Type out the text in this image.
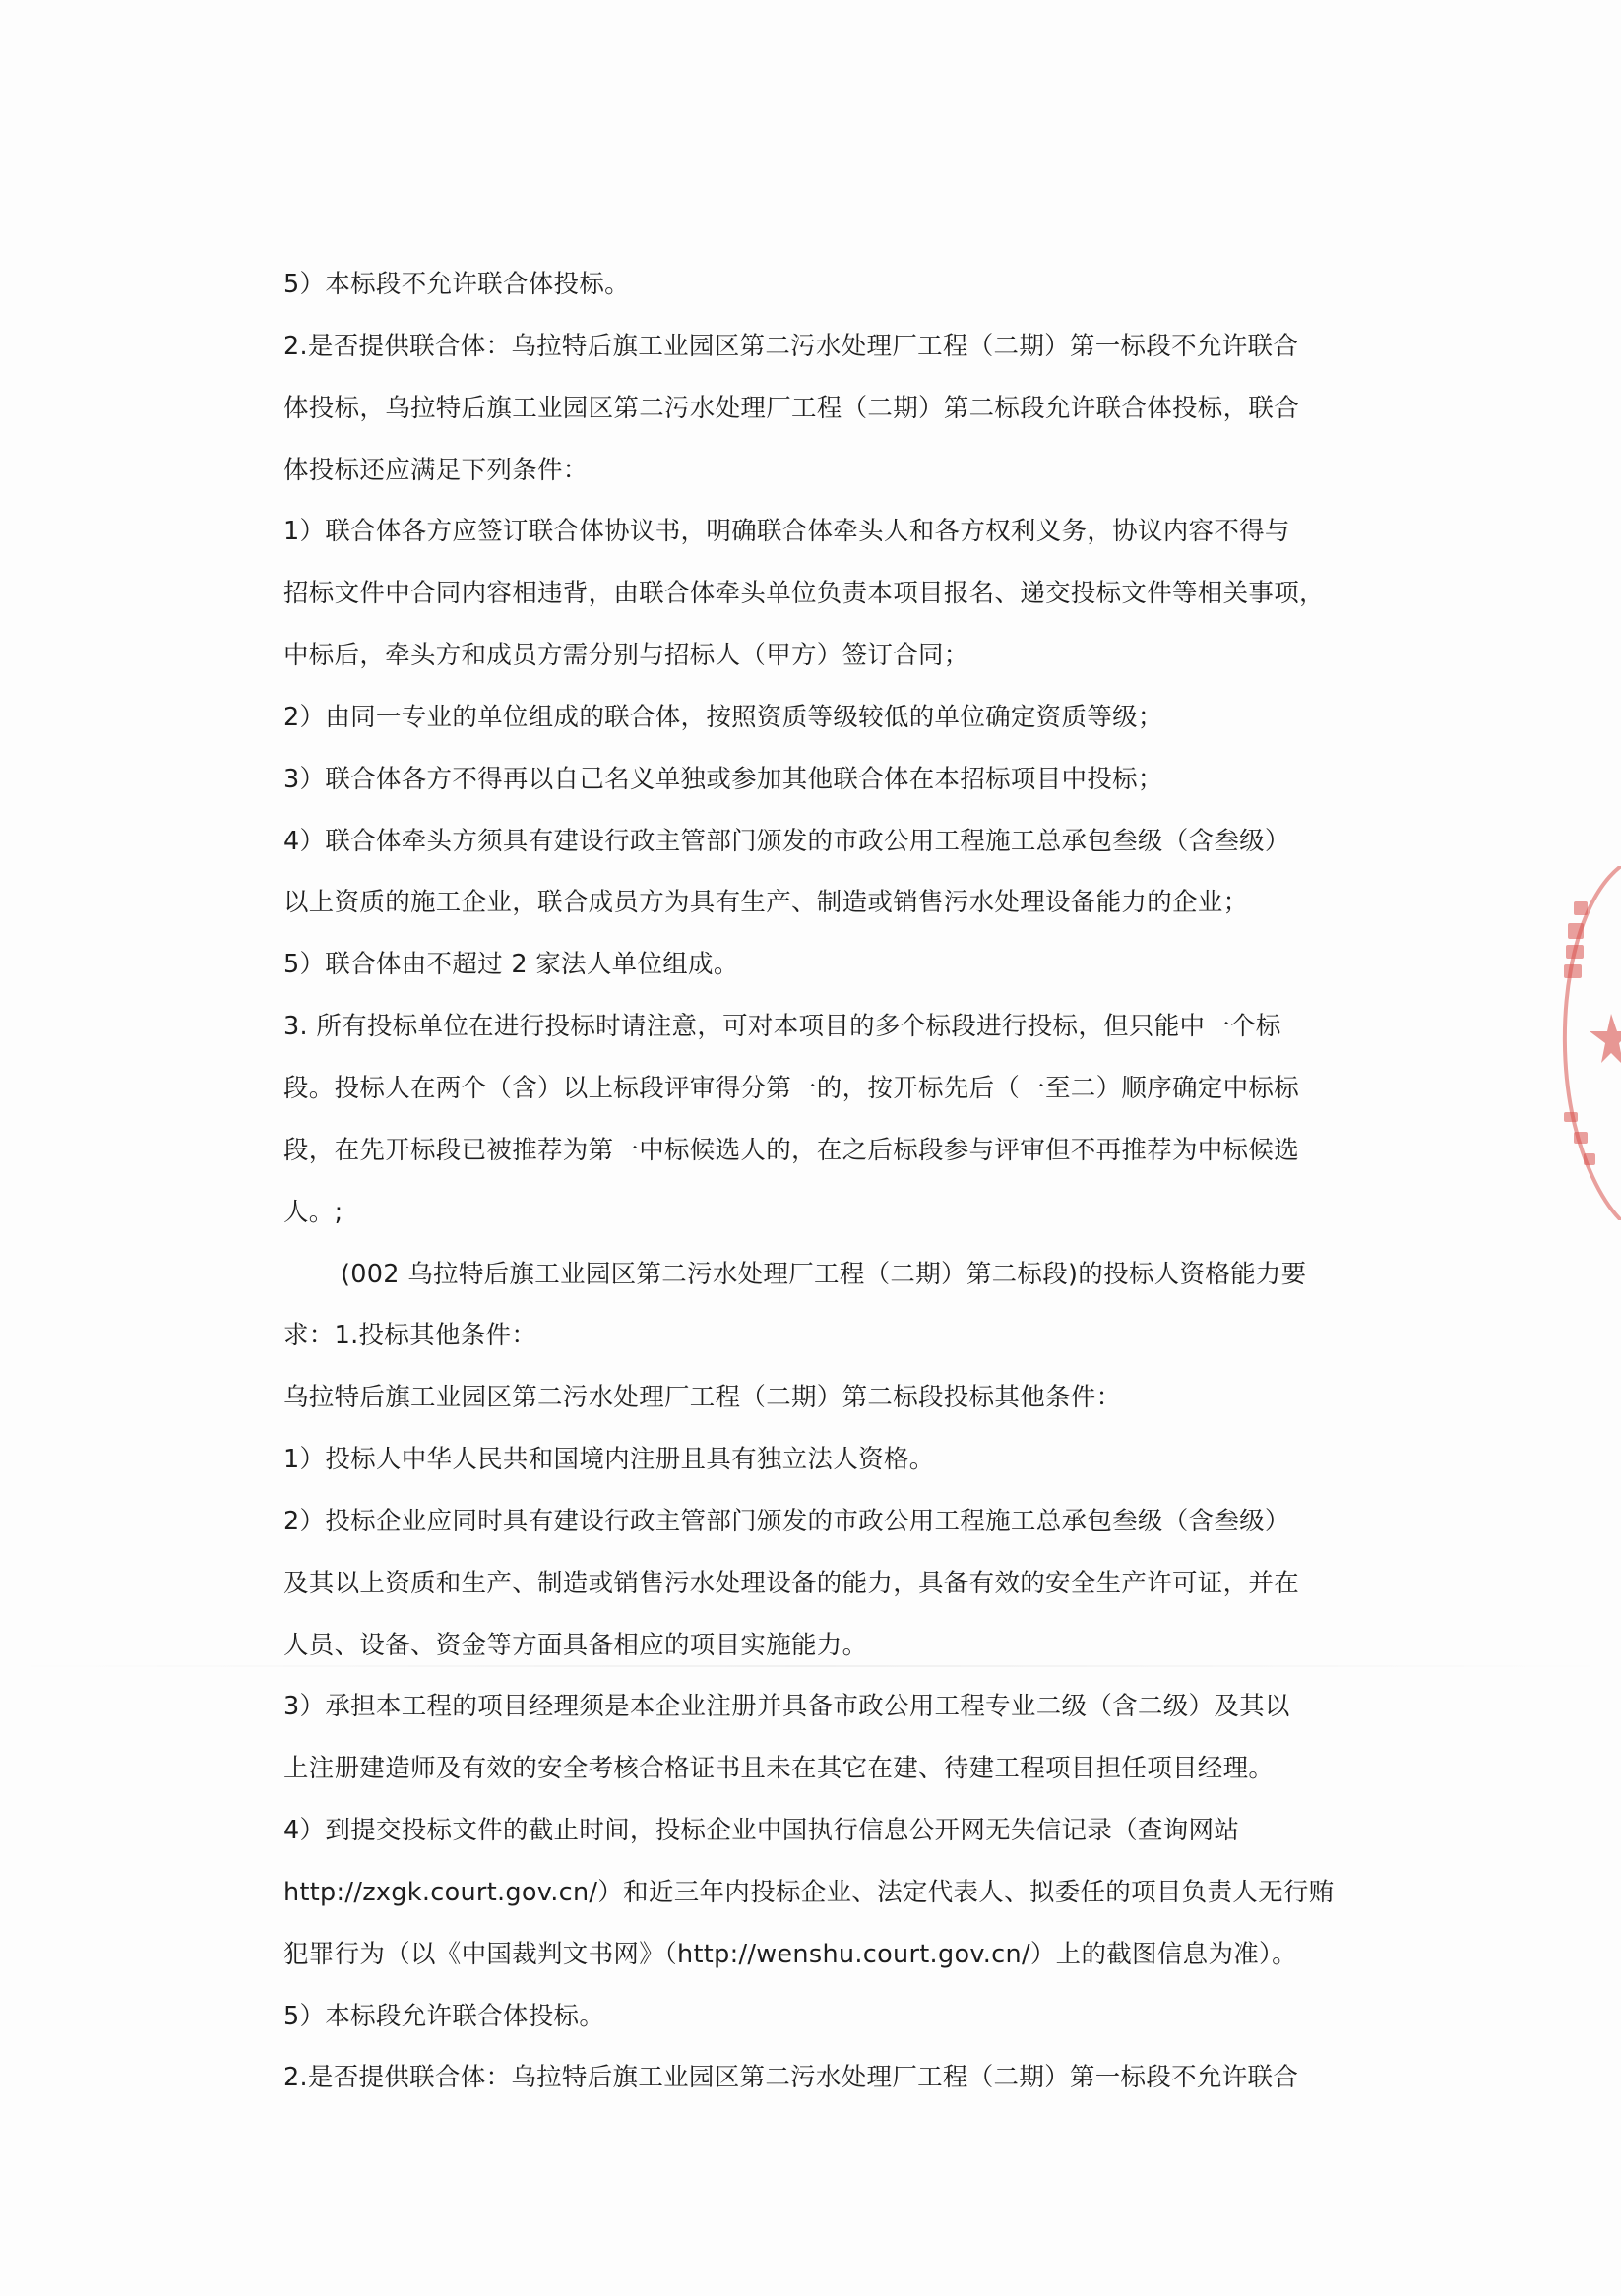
5）本标段不允许联合体投标。
2.是否提供联合体：乌拉特后旗工业园区第二污水处理厂工程（二期）第一标段不允许联合
体投标，乌拉特后旗工业园区第二污水处理厂工程（二期）第二标段允许联合体投标，联合
体投标还应满足下列条件：
1）联合体各方应签订联合体协议书，明确联合体牵头人和各方权利义务，协议内容不得与
招标文件中合同内容相违背，由联合体牵头单位负责本项目报名、递交投标文件等相关事项，
中标后，牵头方和成员方需分别与招标人（甲方）签订合同；
2）由同一专业的单位组成的联合体，按照资质等级较低的单位确定资质等级；
3）联合体各方不得再以自己名义单独或参加其他联合体在本招标项目中投标；
4）联合体牵头方须具有建设行政主管部门颁发的市政公用工程施工总承包叁级（含叁级）
以上资质的施工企业，联合成员方为具有生产、制造或销售污水处理设备能力的企业；
5）联合体由不超过 2 家法人单位组成。
3. 所有投标单位在进行投标时请注意，可对本项目的多个标段进行投标，但只能中一个标
段。投标人在两个（含）以上标段评审得分第一的，按开标先后（一至二）顺序确定中标标
段，在先开标段已被推荐为第一中标候选人的，在之后标段参与评审但不再推荐为中标候选
人。;
(002 乌拉特后旗工业园区第二污水处理厂工程（二期）第二标段)的投标人资格能力要
求：1.投标其他条件：
乌拉特后旗工业园区第二污水处理厂工程（二期）第二标段投标其他条件：
1）投标人中华人民共和国境内注册且具有独立法人资格。
2）投标企业应同时具有建设行政主管部门颁发的市政公用工程施工总承包叁级（含叁级）
及其以上资质和生产、制造或销售污水处理设备的能力，具备有效的安全生产许可证，并在
人员、设备、资金等方面具备相应的项目实施能力。
3）承担本工程的项目经理须是本企业注册并具备市政公用工程专业二级（含二级）及其以
上注册建造师及有效的安全考核合格证书且未在其它在建、待建工程项目担任项目经理。
4）到提交投标文件的截止时间，投标企业中国执行信息公开网无失信记录（查询网站
http://zxgk.court.gov.cn/）和近三年内投标企业、法定代表人、拟委任的项目负责人无行贿
犯罪行为（以《中国裁判文书网》（http://wenshu.court.gov.cn/）上的截图信息为准）。
5）本标段允许联合体投标。
2.是否提供联合体：乌拉特后旗工业园区第二污水处理厂工程（二期）第一标段不允许联合
